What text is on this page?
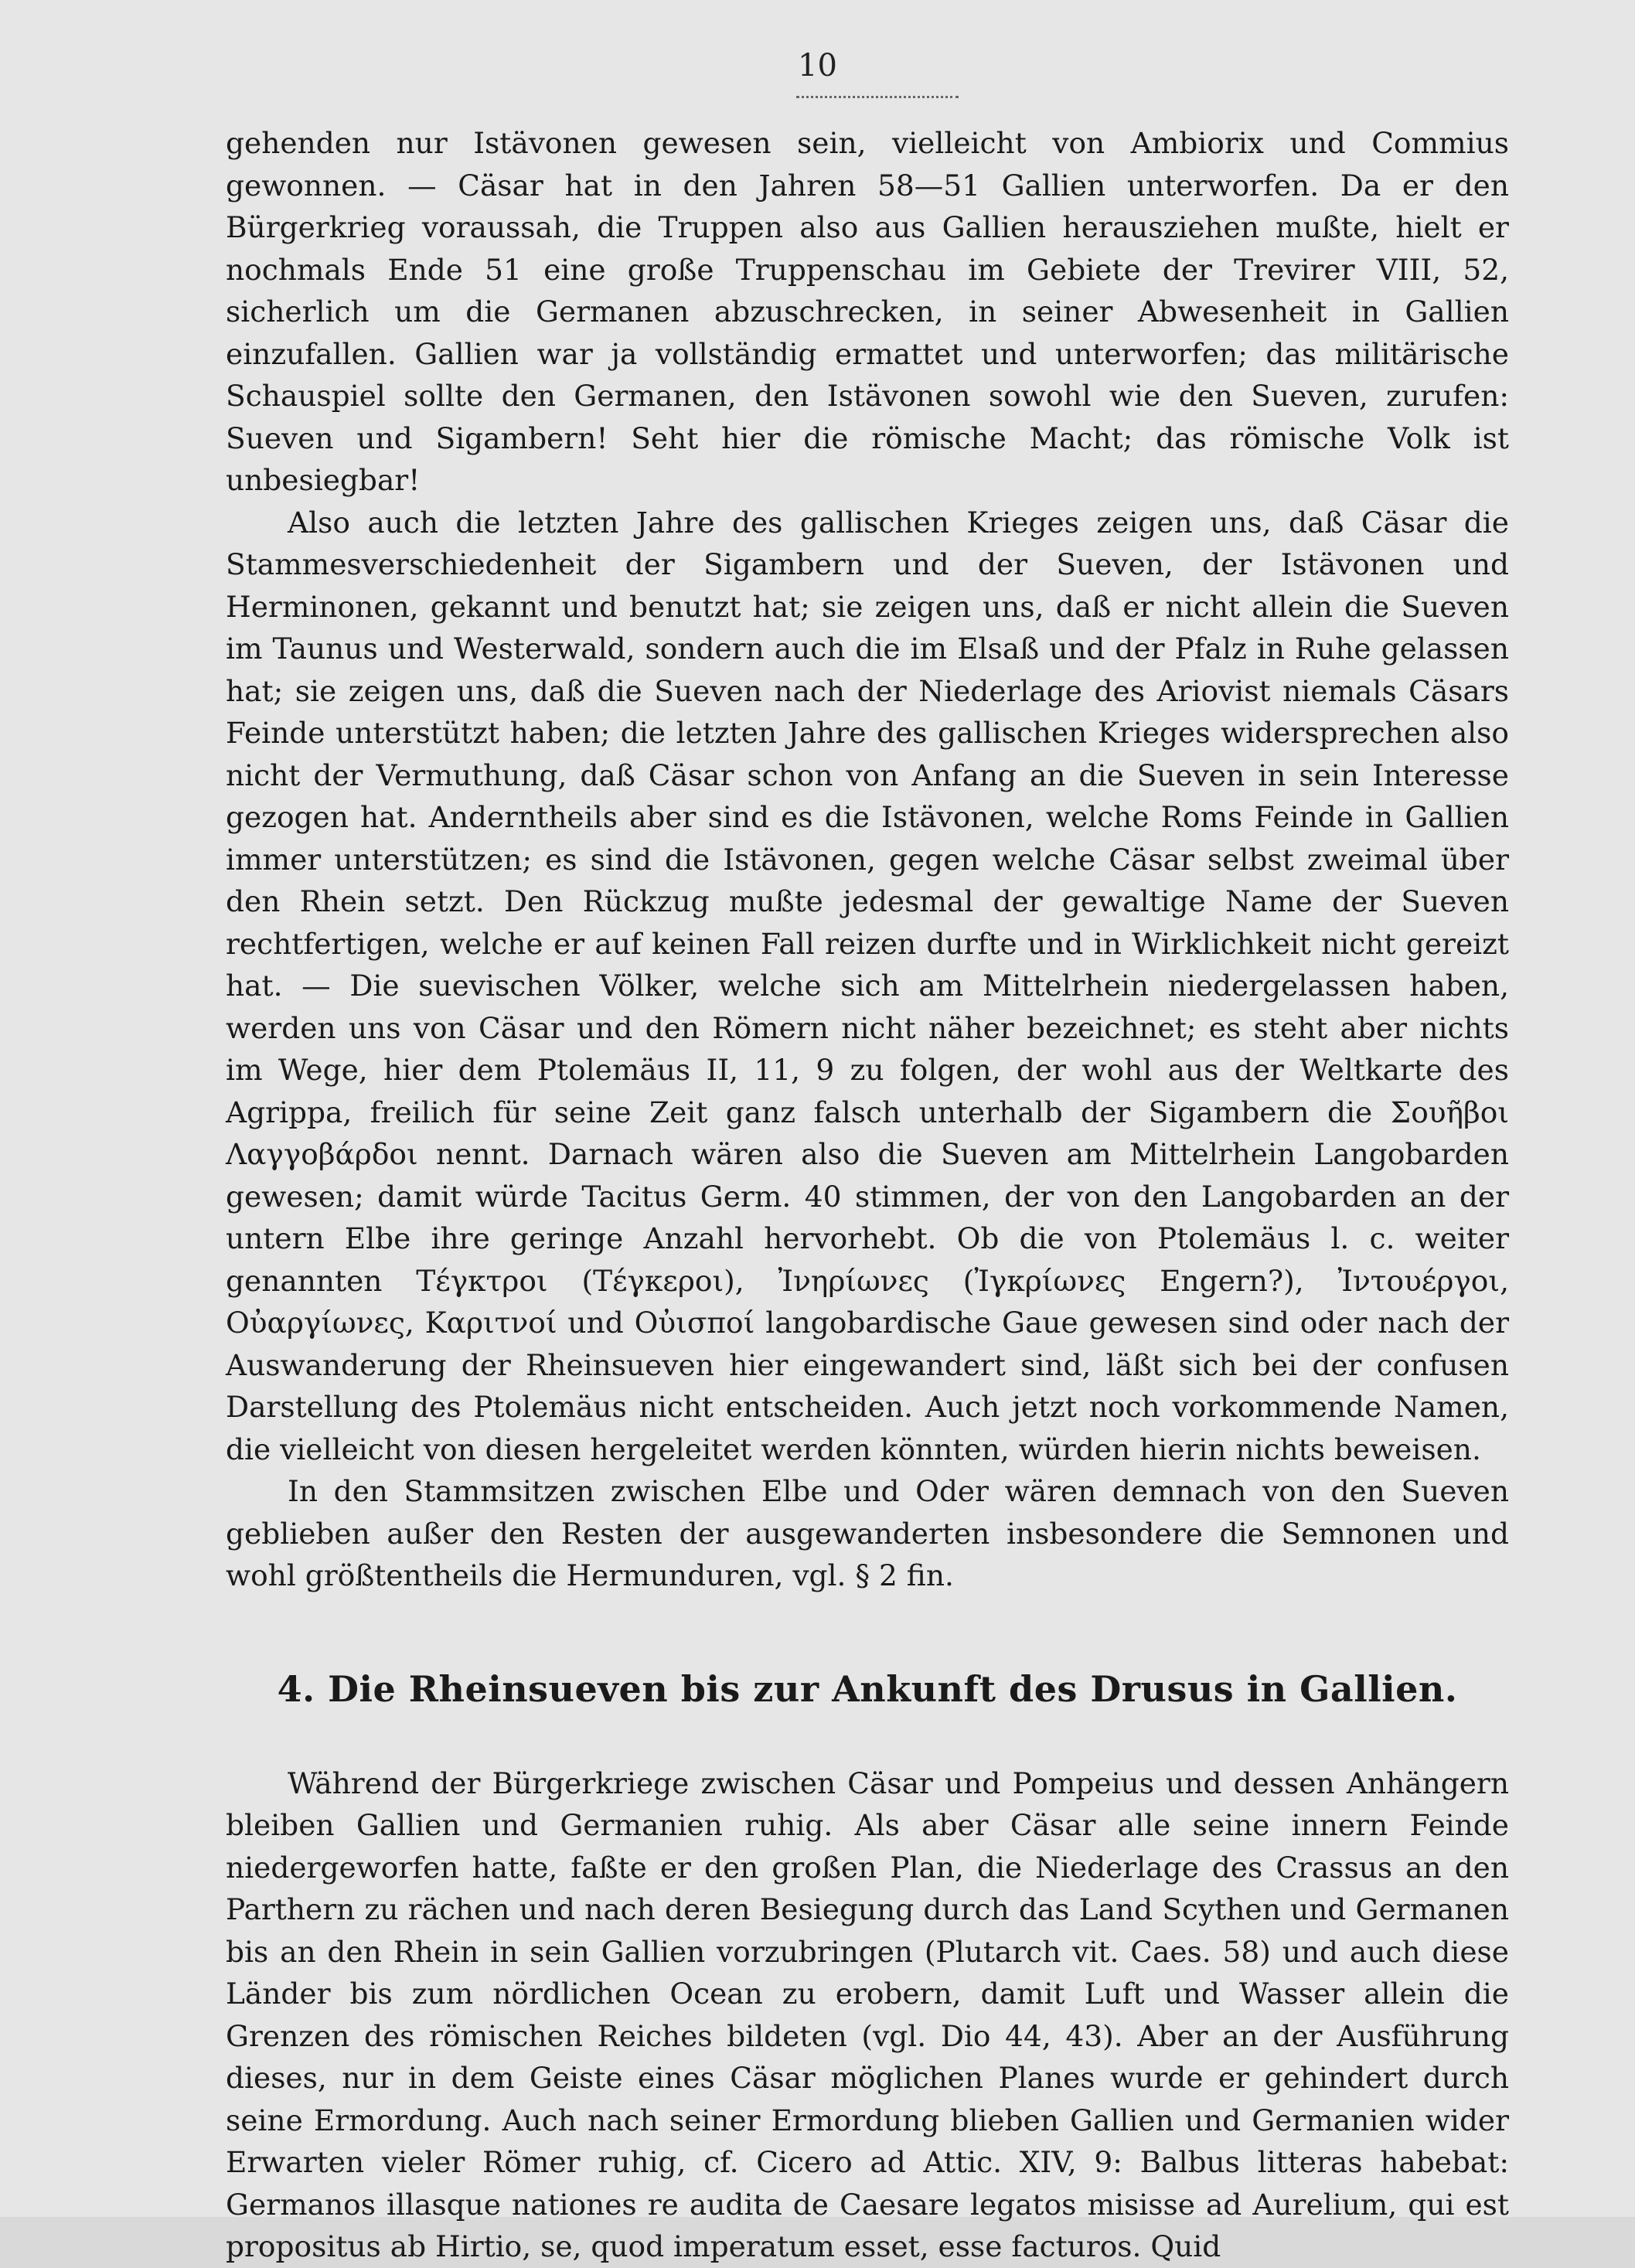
10

gehenden nur Istävonen gewesen sein, vielleicht von Ambiorix und Commius gewonnen. — Cäsar hat in den Jahren 58—51 Gallien unterworfen. Da er den Bürgerkrieg voraussah, die Truppen also aus Gallien herausziehen mußte, hielt er nochmals Ende 51 eine große Truppenschau im Gebiete der Trevirer VIII, 52, sicherlich um die Germanen abzuschrecken, in seiner Abwesenheit in Gallien einzufallen. Gallien war ja vollständig ermattet und unterworfen; das militärische Schauspiel sollte den Germanen, den Istävonen sowohl wie den Sueven, zurufen: Sueven und Sigambern! Seht hier die römische Macht; das römische Volk ist unbesiegbar!

Also auch die letzten Jahre des gallischen Krieges zeigen uns, daß Cäsar die Stammesverschiedenheit der Sigambern und der Sueven, der Istävonen und Herminonen, gekannt und benutzt hat; sie zeigen uns, daß er nicht allein die Sueven im Taunus und Westerwald, sondern auch die im Elsaß und der Pfalz in Ruhe gelassen hat; sie zeigen uns, daß die Sueven nach der Niederlage des Ariovist niemals Cäsars Feinde unterstützt haben; die letzten Jahre des gallischen Krieges widersprechen also nicht der Vermuthung, daß Cäsar schon von Anfang an die Sueven in sein Interesse gezogen hat. Anderntheils aber sind es die Istävonen, welche Roms Feinde in Gallien immer unterstützen; es sind die Istävonen, gegen welche Cäsar selbst zweimal über den Rhein setzt. Den Rückzug mußte jedesmal der gewaltige Name der Sueven rechtfertigen, welche er auf keinen Fall reizen durfte und in Wirklichkeit nicht gereizt hat. — Die suevischen Völker, welche sich am Mittelrhein niedergelassen haben, werden uns von Cäsar und den Römern nicht näher bezeichnet; es steht aber nichts im Wege, hier dem Ptolemäus II, 11, 9 zu folgen, der wohl aus der Weltkarte des Agrippa, freilich für seine Zeit ganz falsch unterhalb der Sigambern die Σουῆβοι Λαγγοβάρδοι nennt. Darnach wären also die Sueven am Mittelrhein Langobarden gewesen; damit würde Tacitus Germ. 40 stimmen, der von den Langobarden an der untern Elbe ihre geringe Anzahl hervorhebt. Ob die von Ptolemäus l. c. weiter genannten Τέγκτροι (Τέγκεροι), Ἰνηρίωνες (Ἰγκρίωνες Engern?), Ἰντουέργοι, Οὐαργίωνες, Καριτνοί und Οὐισποί langobardische Gaue gewesen sind oder nach der Auswanderung der Rheinsueven hier eingewandert sind, läßt sich bei der confusen Darstellung des Ptolemäus nicht entscheiden. Auch jetzt noch vorkommende Namen, die vielleicht von diesen hergeleitet werden könnten, würden hierin nichts beweisen.

In den Stammsitzen zwischen Elbe und Oder wären demnach von den Sueven geblieben außer den Resten der ausgewanderten insbesondere die Semnonen und wohl größtentheils die Hermunduren, vgl. § 2 fin.

4. Die Rheinsueven bis zur Ankunft des Drusus in Gallien.

Während der Bürgerkriege zwischen Cäsar und Pompeius und dessen Anhängern bleiben Gallien und Germanien ruhig. Als aber Cäsar alle seine innern Feinde niedergeworfen hatte, faßte er den großen Plan, die Niederlage des Crassus an den Parthern zu rächen und nach deren Besiegung durch das Land Scythen und Germanen bis an den Rhein in sein Gallien vorzubringen (Plutarch vit. Caes. 58) und auch diese Länder bis zum nördlichen Ocean zu erobern, damit Luft und Wasser allein die Grenzen des römischen Reiches bildeten (vgl. Dio 44, 43). Aber an der Ausführung dieses, nur in dem Geiste eines Cäsar möglichen Planes wurde er gehindert durch seine Ermordung. Auch nach seiner Ermordung blieben Gallien und Germanien wider Erwarten vieler Römer ruhig, cf. Cicero ad Attic. XIV, 9: Balbus litteras habebat: Germanos illasque nationes re audita de Caesare legatos misisse ad Aurelium, qui est propositus ab Hirtio, se, quod imperatum esset, esse facturos. Quid
